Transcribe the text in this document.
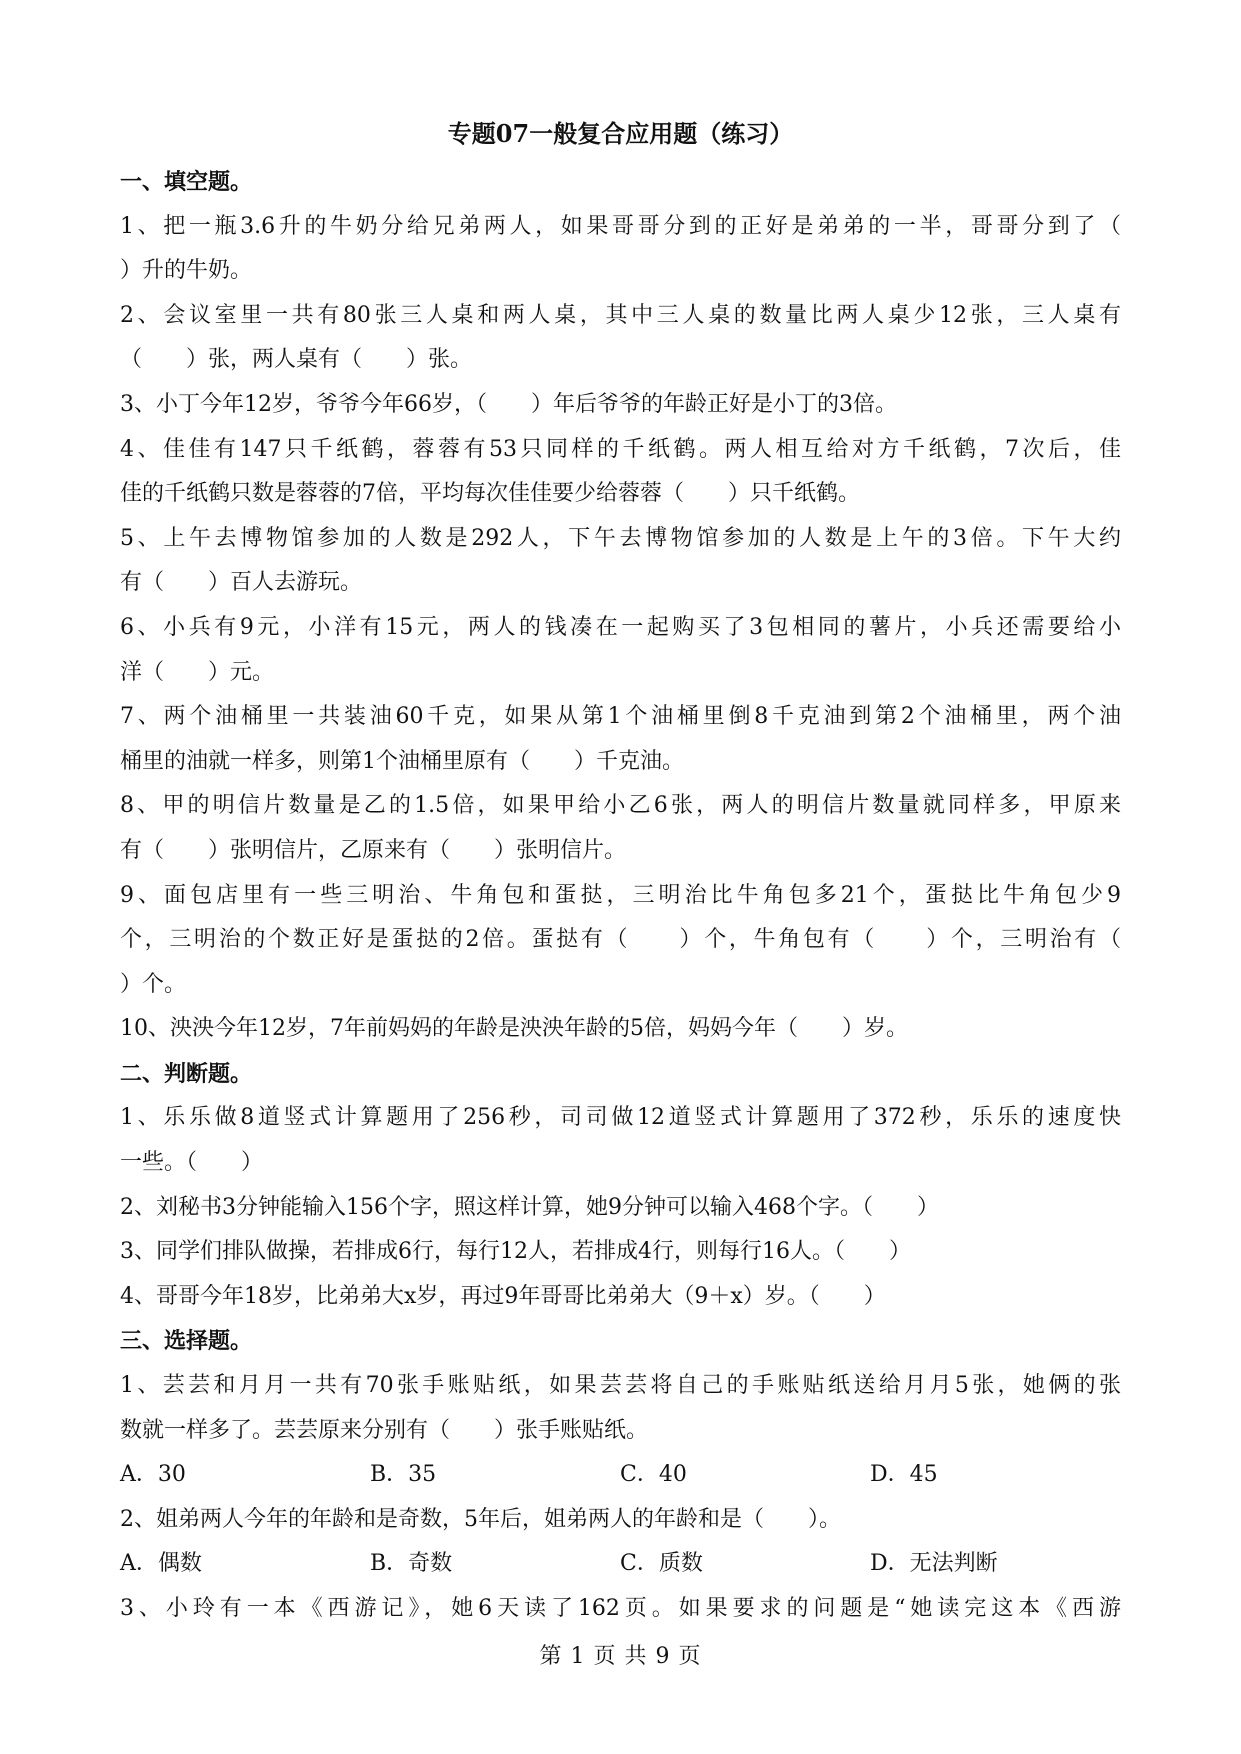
专题07一般复合应用题（练习）
一、填空题。
1、把一瓶3.6升的牛奶分给兄弟两人，如果哥哥分到的正好是弟弟的一半，哥哥分到了（
）升的牛奶。
2、会议室里一共有80张三人桌和两人桌，其中三人桌的数量比两人桌少12张，三人桌有
（　　）张，两人桌有（　　）张。
3、小丁今年12岁，爷爷今年66岁，（　　）年后爷爷的年龄正好是小丁的3倍。
4、佳佳有147只千纸鹤，蓉蓉有53只同样的千纸鹤。两人相互给对方千纸鹤，7次后，佳
佳的千纸鹤只数是蓉蓉的7倍，平均每次佳佳要少给蓉蓉（　　）只千纸鹤。
5、上午去博物馆参加的人数是292人，下午去博物馆参加的人数是上午的3倍。下午大约
有（　　）百人去游玩。
6、小兵有9元，小洋有15元，两人的钱凑在一起购买了3包相同的薯片，小兵还需要给小
洋（　　）元。
7、两个油桶里一共装油60千克，如果从第1个油桶里倒8千克油到第2个油桶里，两个油
桶里的油就一样多，则第1个油桶里原有（　　）千克油。
8、甲的明信片数量是乙的1.5倍，如果甲给小乙6张，两人的明信片数量就同样多，甲原来
有（　　）张明信片，乙原来有（　　）张明信片。
9、面包店里有一些三明治、牛角包和蛋挞，三明治比牛角包多21个，蛋挞比牛角包少9
个，三明治的个数正好是蛋挞的2倍。蛋挞有（　　）个，牛角包有（　　）个，三明治有（
）个。
10、泱泱今年12岁，7年前妈妈的年龄是泱泱年龄的5倍，妈妈今年（　　）岁。
二、判断题。
1、乐乐做8道竖式计算题用了256秒，司司做12道竖式计算题用了372秒，乐乐的速度快
一些。（　　）
2、刘秘书3分钟能输入156个字，照这样计算，她9分钟可以输入468个字。（　　）
3、同学们排队做操，若排成6行，每行12人，若排成4行，则每行16人。（　　）
4、哥哥今年18岁，比弟弟大x岁，再过9年哥哥比弟弟大（9＋x）岁。（　　）
三、选择题。
1、芸芸和月月一共有70张手账贴纸，如果芸芸将自己的手账贴纸送给月月5张，她俩的张
数就一样多了。芸芸原来分别有（　　）张手账贴纸。
A．30	B．35	C．40	D．45
2、姐弟两人今年的年龄和是奇数，5年后，姐弟两人的年龄和是（　　）。
A．偶数	B．奇数	C．质数	D．无法判断
3、小玲有一本《西游记》，她6天读了162页。如果要求的问题是“她读完这本《西游
第 1 页 共 9 页
